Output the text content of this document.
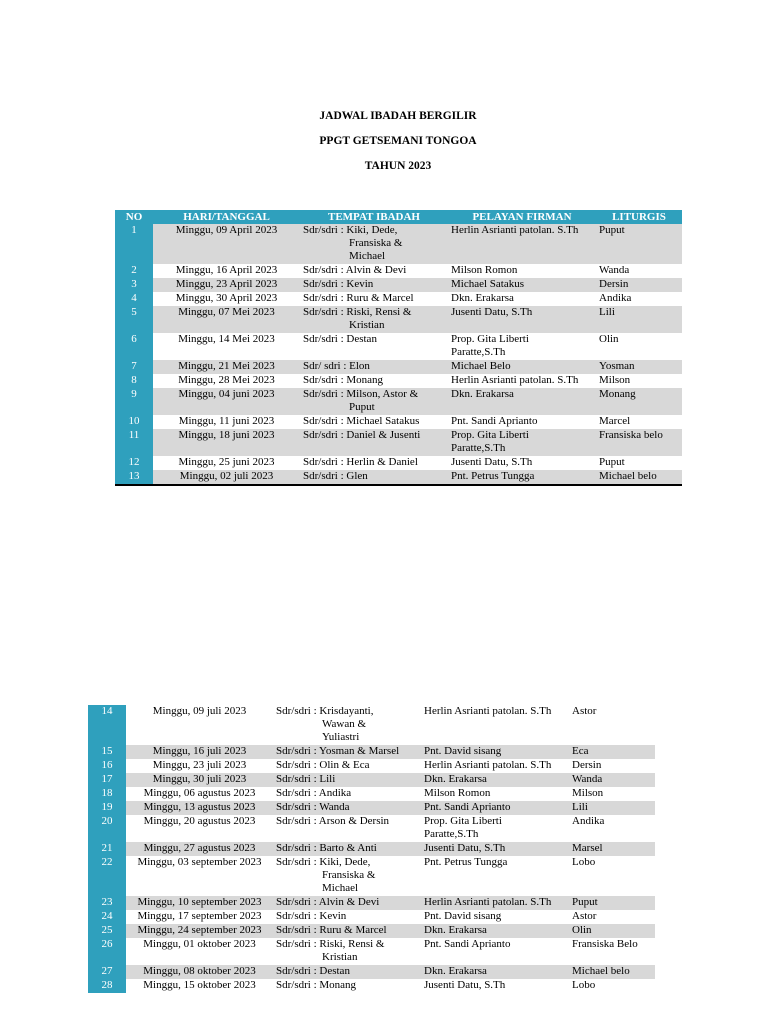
JADWAL IBADAH BERGILIR
PPGT GETSEMANI TONGOA
TAHUN 2023
NO	HARI/TANGGAL	TEMPAT IBADAH	PELAYAN FIRMAN	LITURGIS
1	Minggu, 09 April 2023	Sdr/sdri : Kiki, Dede,
Fransiska &
Michael	Herlin Asrianti patolan. S.Th	Puput
2	Minggu, 16 April 2023	Sdr/sdri : Alvin & Devi	Milson Romon	Wanda
3	Minggu, 23 April 2023	Sdr/sdri : Kevin	Michael Satakus	Dersin
4	Minggu, 30 April 2023	Sdr/sdri : Ruru & Marcel	Dkn. Erakarsa	Andika
5	Minggu, 07 Mei 2023	Sdr/sdri : Riski, Rensi &
Kristian	Jusenti Datu, S.Th	Lili
6	Minggu, 14 Mei 2023	Sdr/sdri : Destan	Prop. Gita Liberti
Paratte,S.Th	Olin
7	Minggu, 21 Mei 2023	Sdr/ sdri : Elon	Michael Belo	Yosman
8	Minggu, 28 Mei 2023	Sdr/sdri : Monang	Herlin Asrianti patolan. S.Th	Milson
9	Minggu, 04 juni 2023	Sdr/sdri : Milson, Astor &
Puput	Dkn. Erakarsa	Monang
10	Minggu, 11 juni 2023	Sdr/sdri : Michael Satakus	Pnt. Sandi Aprianto	Marcel
11	Minggu, 18 juni 2023	Sdr/sdri : Daniel & Jusenti	Prop. Gita Liberti
Paratte,S.Th	Fransiska belo
12	Minggu, 25 juni 2023	Sdr/sdri : Herlin & Daniel	Jusenti Datu, S.Th	Puput
13	Minggu, 02 juli 2023	Sdr/sdri : Glen	Pnt. Petrus Tungga	Michael belo
14	Minggu, 09 juli 2023	Sdr/sdri : Krisdayanti,
Wawan &
Yuliastri	Herlin Asrianti patolan. S.Th	Astor
15	Minggu, 16 juli 2023	Sdr/sdri : Yosman & Marsel	Pnt. David sisang	Eca
16	Minggu, 23 juli 2023	Sdr/sdri : Olin & Eca	Herlin Asrianti patolan. S.Th	Dersin
17	Minggu, 30 juli 2023	Sdr/sdri : Lili	Dkn. Erakarsa	Wanda
18	Minggu, 06 agustus 2023	Sdr/sdri : Andika	Milson Romon	Milson
19	Minggu, 13 agustus 2023	Sdr/sdri : Wanda	Pnt. Sandi Aprianto	Lili
20	Minggu, 20 agustus 2023	Sdr/sdri : Arson & Dersin	Prop. Gita Liberti
Paratte,S.Th	Andika
21	Minggu, 27 agustus 2023	Sdr/sdri : Barto & Anti	Jusenti Datu, S.Th	Marsel
22	Minggu, 03 september 2023	Sdr/sdri : Kiki, Dede,
Fransiska &
Michael	Pnt. Petrus Tungga	Lobo
23	Minggu, 10 september 2023	Sdr/sdri : Alvin & Devi	Herlin Asrianti patolan. S.Th	Puput
24	Minggu, 17 september 2023	Sdr/sdri : Kevin	Pnt. David sisang	Astor
25	Minggu, 24 september 2023	Sdr/sdri : Ruru & Marcel	Dkn. Erakarsa	Olin
26	Minggu, 01 oktober 2023	Sdr/sdri : Riski, Rensi &
Kristian	Pnt. Sandi Aprianto	Fransiska Belo
27	Minggu, 08 oktober 2023	Sdr/sdri : Destan	Dkn. Erakarsa	Michael belo
28	Minggu, 15 oktober 2023	Sdr/sdri : Monang	Jusenti Datu, S.Th	Lobo
